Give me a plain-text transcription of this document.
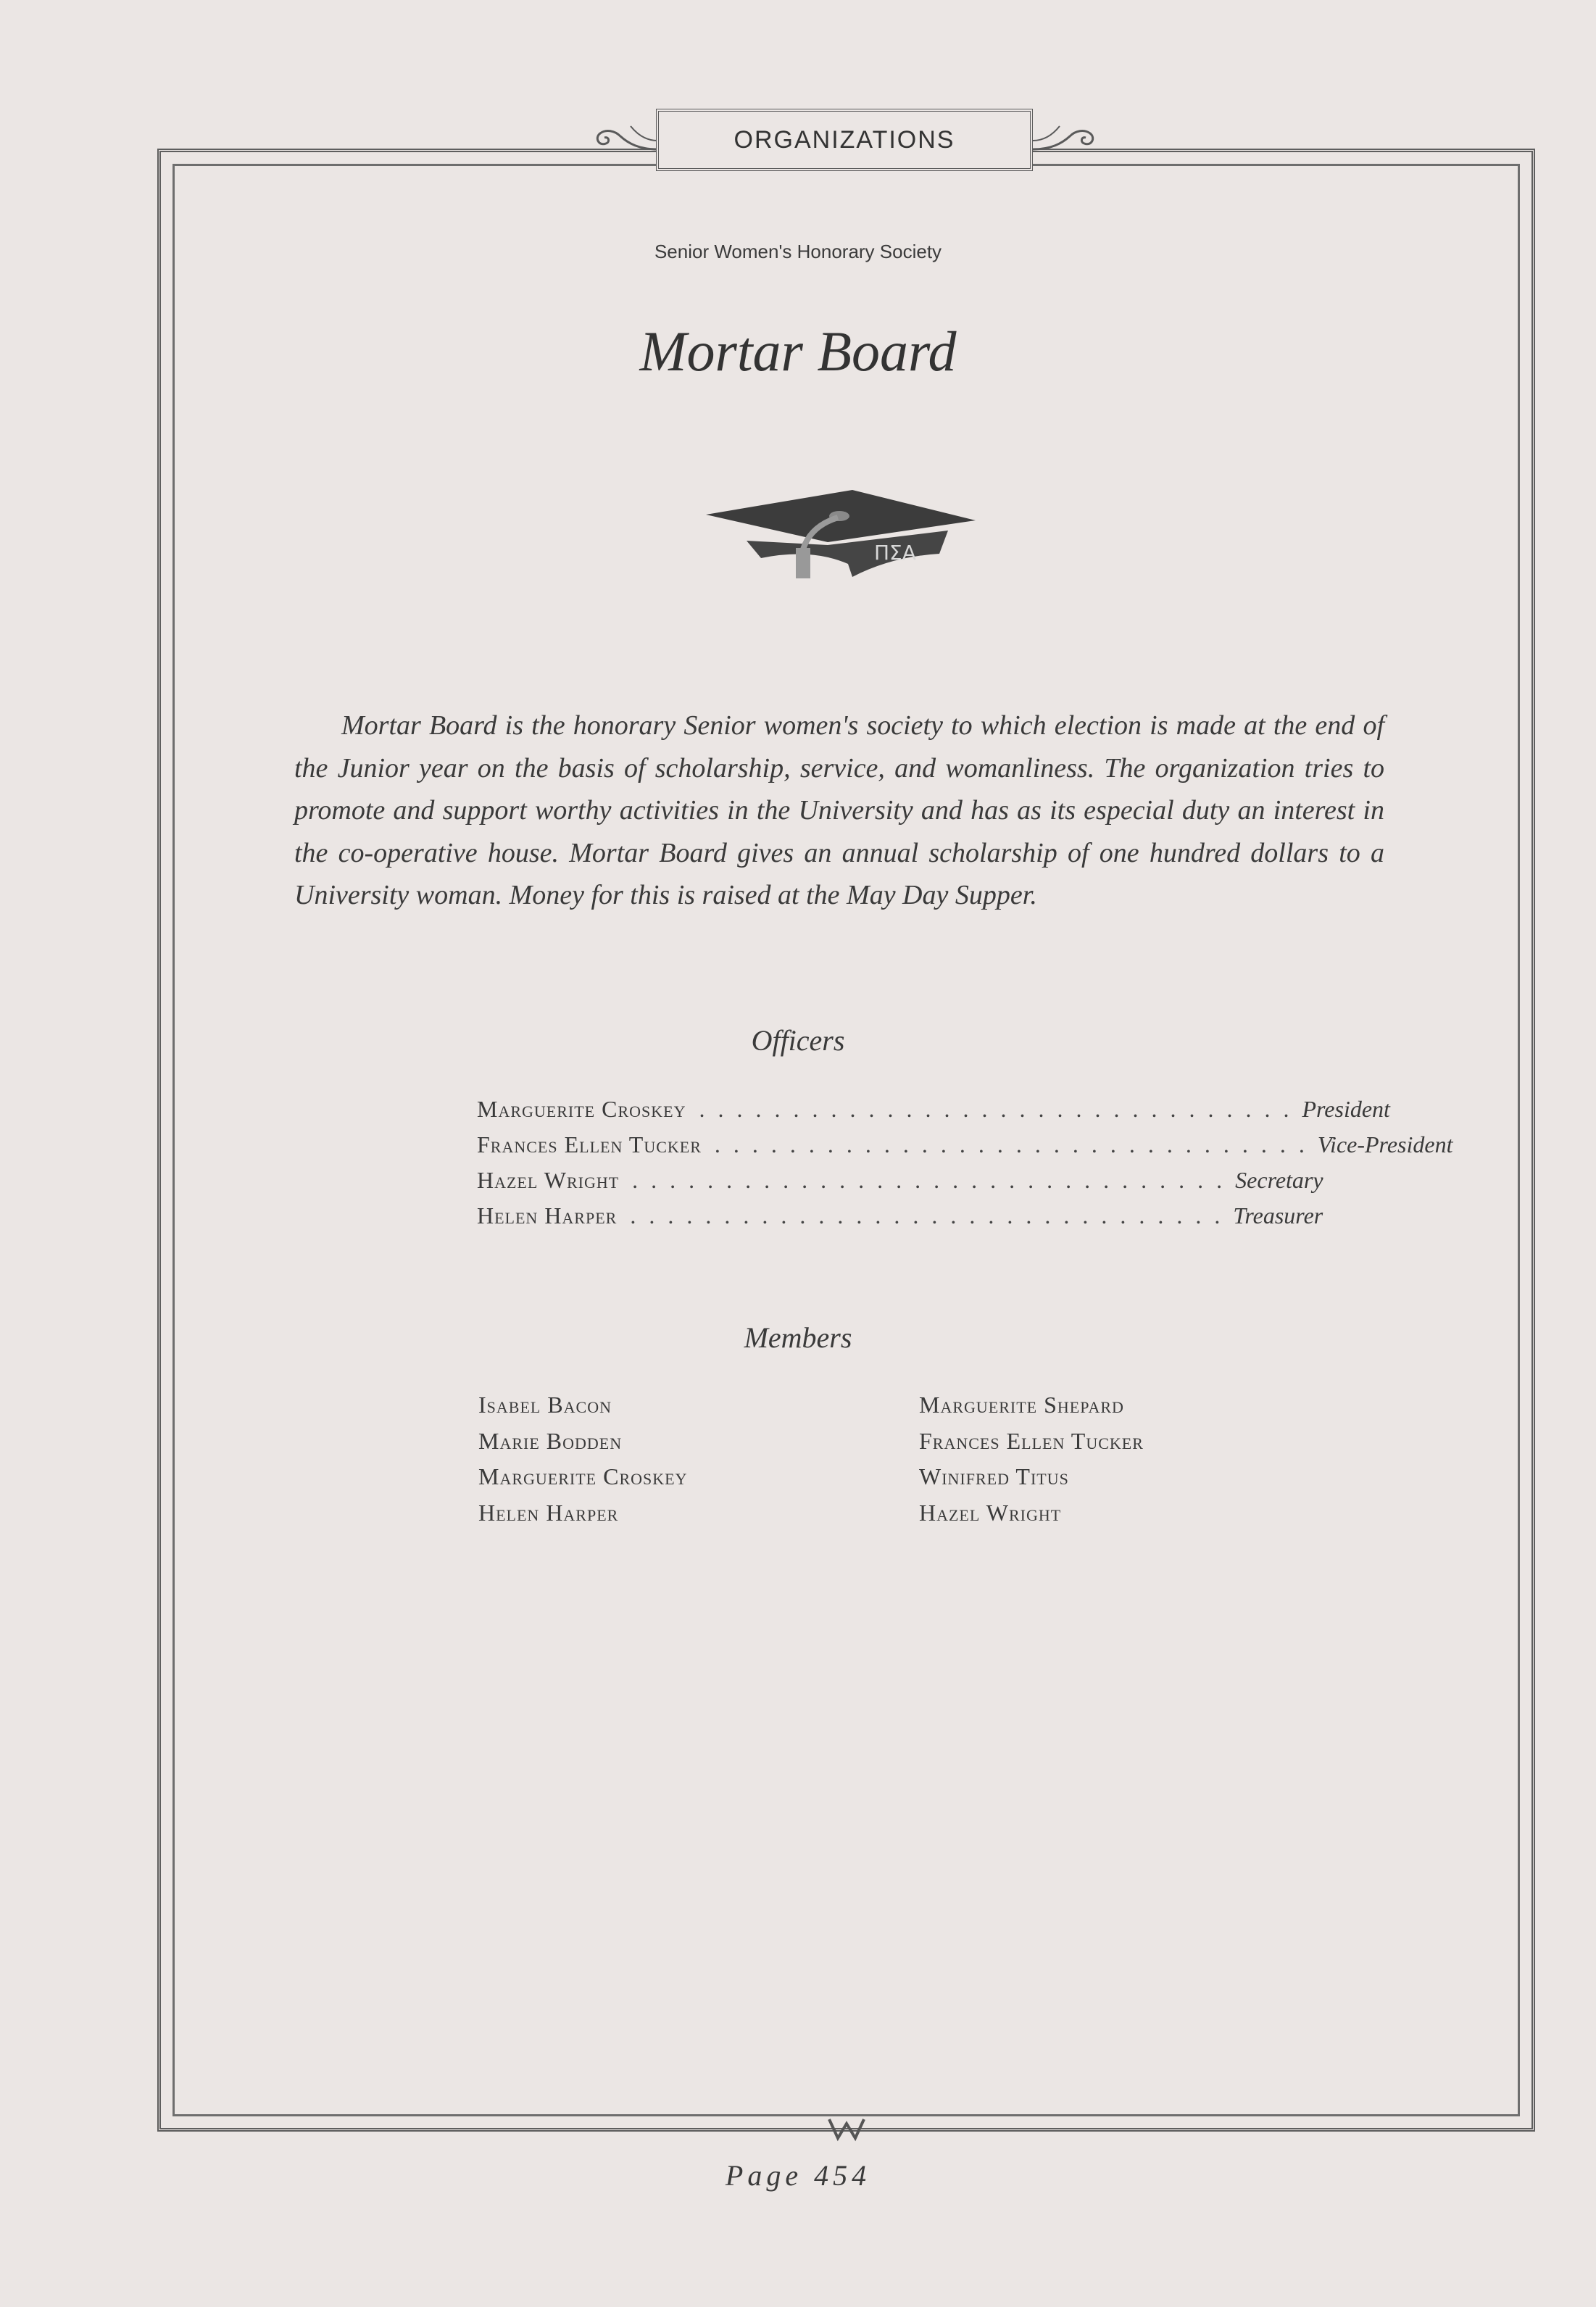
ORGANIZATIONS
Senior Women's Honorary Society
Mortar Board
ΠΣΑ
Mortar Board is the honorary Senior women's society to which election is made at the end of the Junior year on the basis of scholarship, service, and womanliness. The organization tries to promote and support worthy activities in the University and has as its especial duty an interest in the co-operative house. Mortar Board gives an annual scholarship of one hundred dollars to a University woman. Money for this is raised at the May Day Supper.
Officers
Marguerite Croskey ................................ President
Frances Ellen Tucker ................................ Vice-President
Hazel Wright ................................ Secretary
Helen Harper ................................ Treasurer
Members
Isabel Bacon
Marie Bodden
Marguerite Croskey
Helen Harper
Marguerite Shepard
Frances Ellen Tucker
Winifred Titus
Hazel Wright
Page 454
